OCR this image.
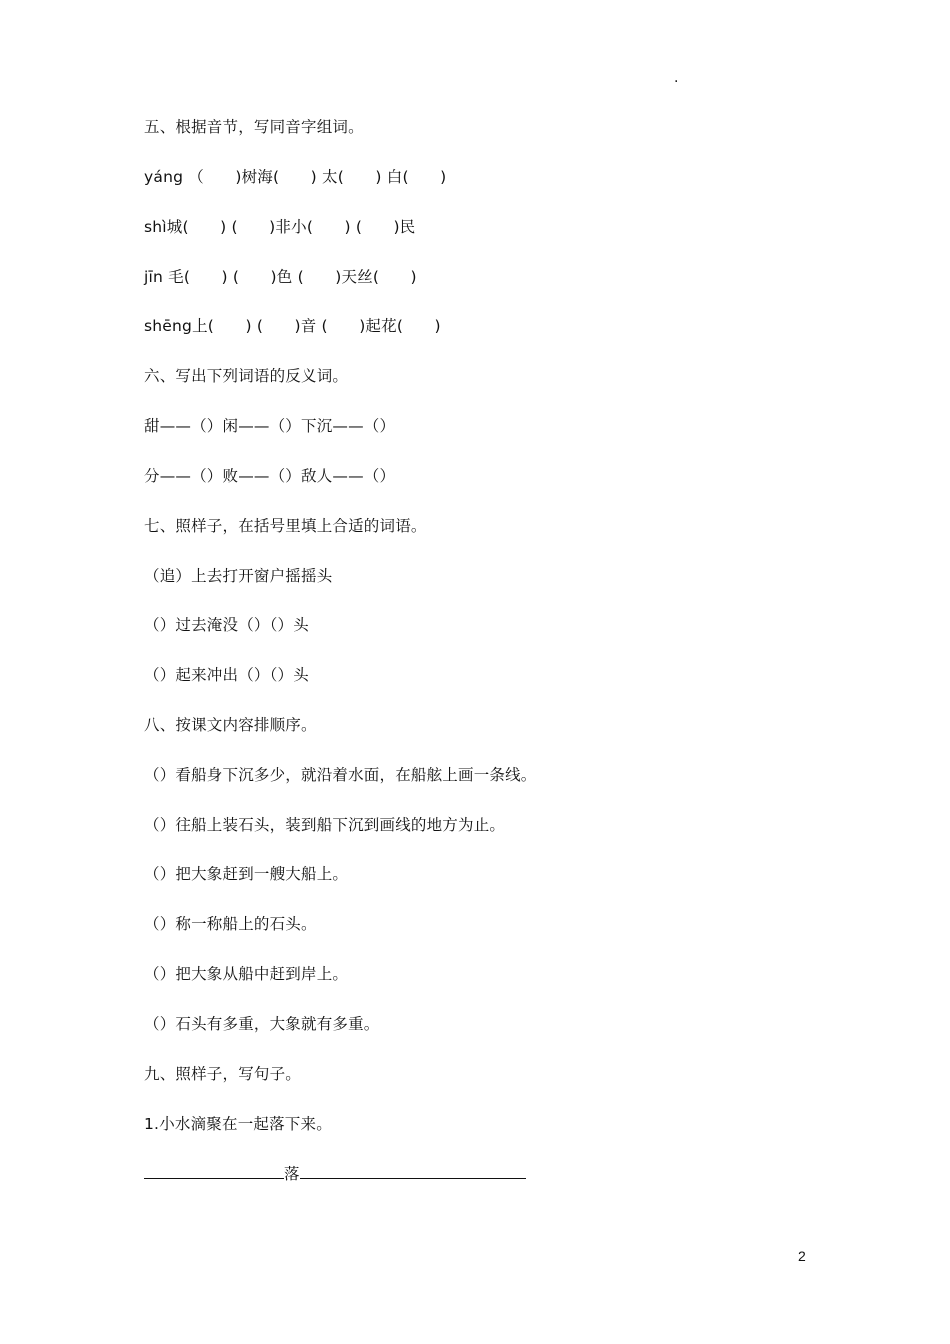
.
五、根据音节，写同音字组词。
yáng （　　)树海(　　) 太(　　) 白(　　)
shì城(　　) (　　)非小(　　) (　　)民
jīn 毛(　　) (　　)色 (　　)天丝(　　)
shēng上(　　) (　　)音 (　　)起花(　　)
六、写出下列词语的反义词。
甜——（）闲——（）下沉——（）
分——（）败——（）敌人——（）
七、照样子，在括号里填上合适的词语。
（追）上去打开窗户摇摇头
（）过去淹没（）（）头
（）起来冲出（）（）头
八、按课文内容排顺序。
（）看船身下沉多少，就沿着水面，在船舷上画一条线。
（）往船上装石头，装到船下沉到画线的地方为止。
（）把大象赶到一艘大船上。
（）称一称船上的石头。
（）把大象从船中赶到岸上。
（）石头有多重，大象就有多重。
九、照样子，写句子。
1.小水滴聚在一起落下来。
落
2
